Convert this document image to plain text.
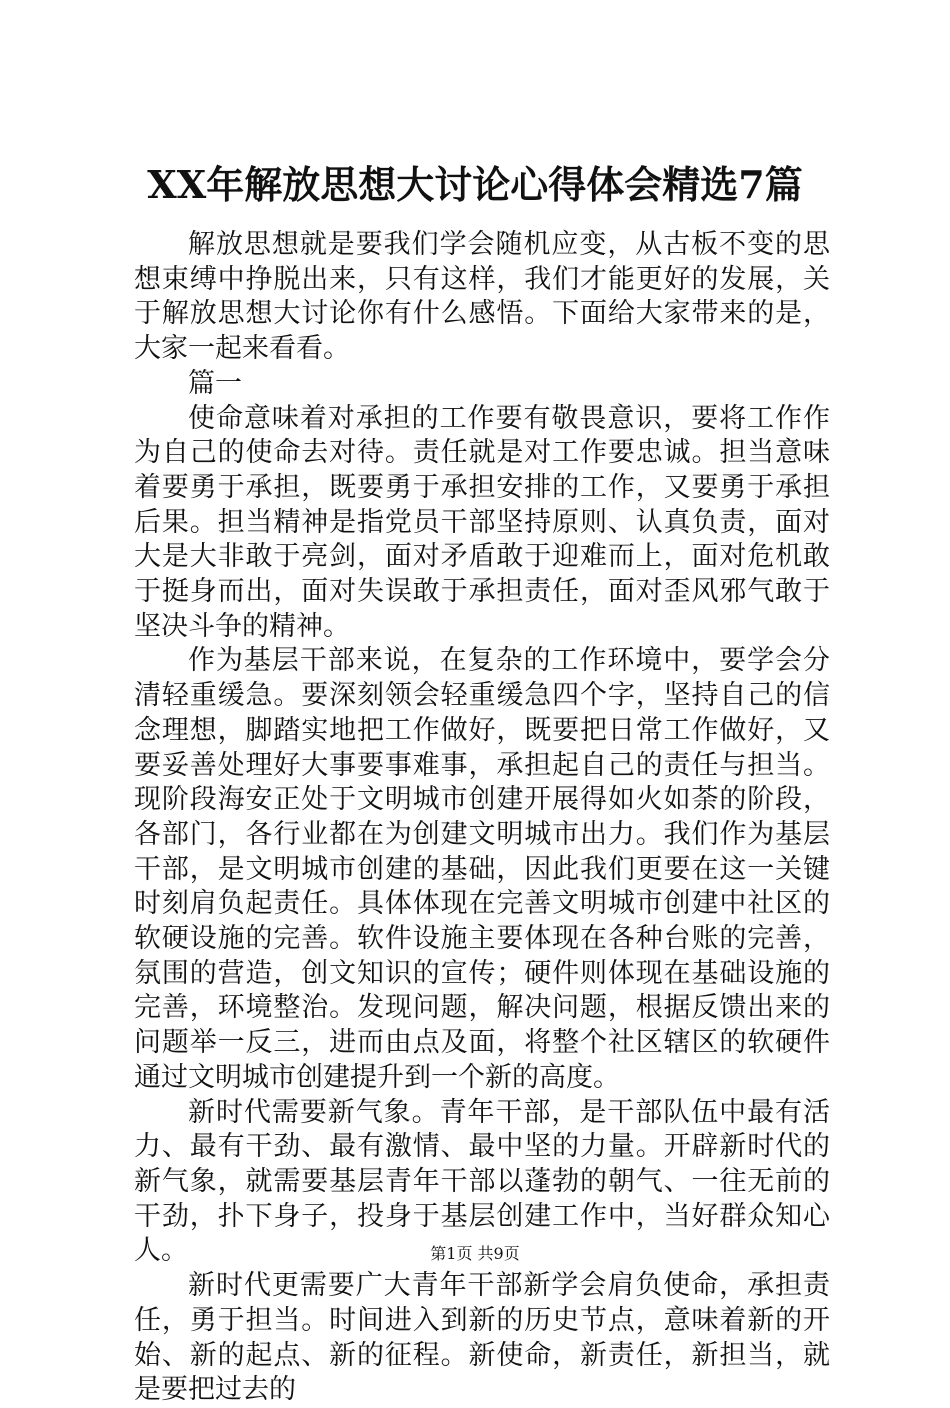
XX年解放思想大讨论心得体会精选7篇

解放思想就是要我们学会随机应变，从古板不变的思想束缚中挣脱出来，只有这样，我们才能更好的发展，关于解放思想大讨论你有什么感悟。下面给大家带来的是，大家一起来看看。

篇一

使命意味着对承担的工作要有敬畏意识，要将工作作为自己的使命去对待。责任就是对工作要忠诚。担当意味着要勇于承担，既要勇于承担安排的工作，又要勇于承担后果。担当精神是指党员干部坚持原则、认真负责，面对大是大非敢于亮剑，面对矛盾敢于迎难而上，面对危机敢于挺身而出，面对失误敢于承担责任，面对歪风邪气敢于坚决斗争的精神。

作为基层干部来说，在复杂的工作环境中，要学会分清轻重缓急。要深刻领会轻重缓急四个字，坚持自己的信念理想，脚踏实地把工作做好，既要把日常工作做好，又要妥善处理好大事要事难事，承担起自己的责任与担当。现阶段海安正处于文明城市创建开展得如火如荼的阶段，各部门，各行业都在为创建文明城市出力。我们作为基层干部，是文明城市创建的基础，因此我们更要在这一关键时刻肩负起责任。具体体现在完善文明城市创建中社区的软硬设施的完善。软件设施主要体现在各种台账的完善，氛围的营造，创文知识的宣传；硬件则体现在基础设施的完善，环境整治。发现问题，解决问题，根据反馈出来的问题举一反三，进而由点及面，将整个社区辖区的软硬件通过文明城市创建提升到一个新的高度。

新时代需要新气象。青年干部，是干部队伍中最有活力、最有干劲、最有激情、最中坚的力量。开辟新时代的新气象，就需要基层青年干部以蓬勃的朝气、一往无前的干劲，扑下身子，投身于基层创建工作中，当好群众知心人。

新时代更需要广大青年干部新学会肩负使命，承担责任，勇于担当。时间进入到新的历史节点，意味着新的开始、新的起点、新的征程。新使命，新责任，新担当，就是要把过去的

第1页 共9页
